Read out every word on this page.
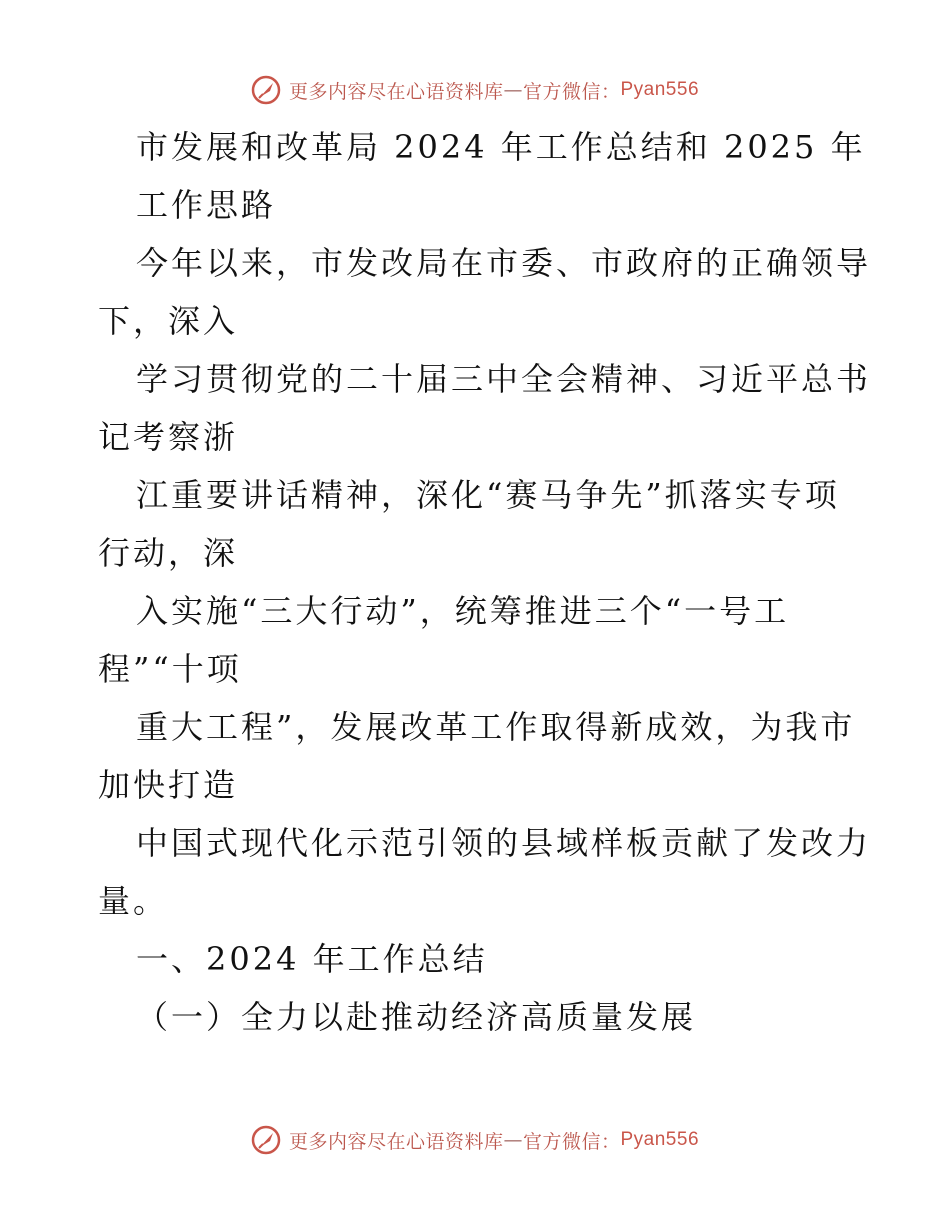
更多内容尽在心语资料库 — 官方微信： Pyan556
市发展和改革局 2024 年工作总结和 2025 年
工作思路
今年以来，市发改局在市委、市政府的正确领导
下，深入
学习贯彻党的二十届三中全会精神、习近平总书
记考察浙
江重要讲话精神，深化“赛马争先”抓落实专项
行动，深
入实施“三大行动”，统筹推进三个“一号工
程”“十项
重大工程”，发展改革工作取得新成效，为我市
加快打造
中国式现代化示范引领的县域样板贡献了发改力
量。
一、2024 年工作总结
（一）全力以赴推动经济高质量发展
更多内容尽在心语资料库 — 官方微信： Pyan556
